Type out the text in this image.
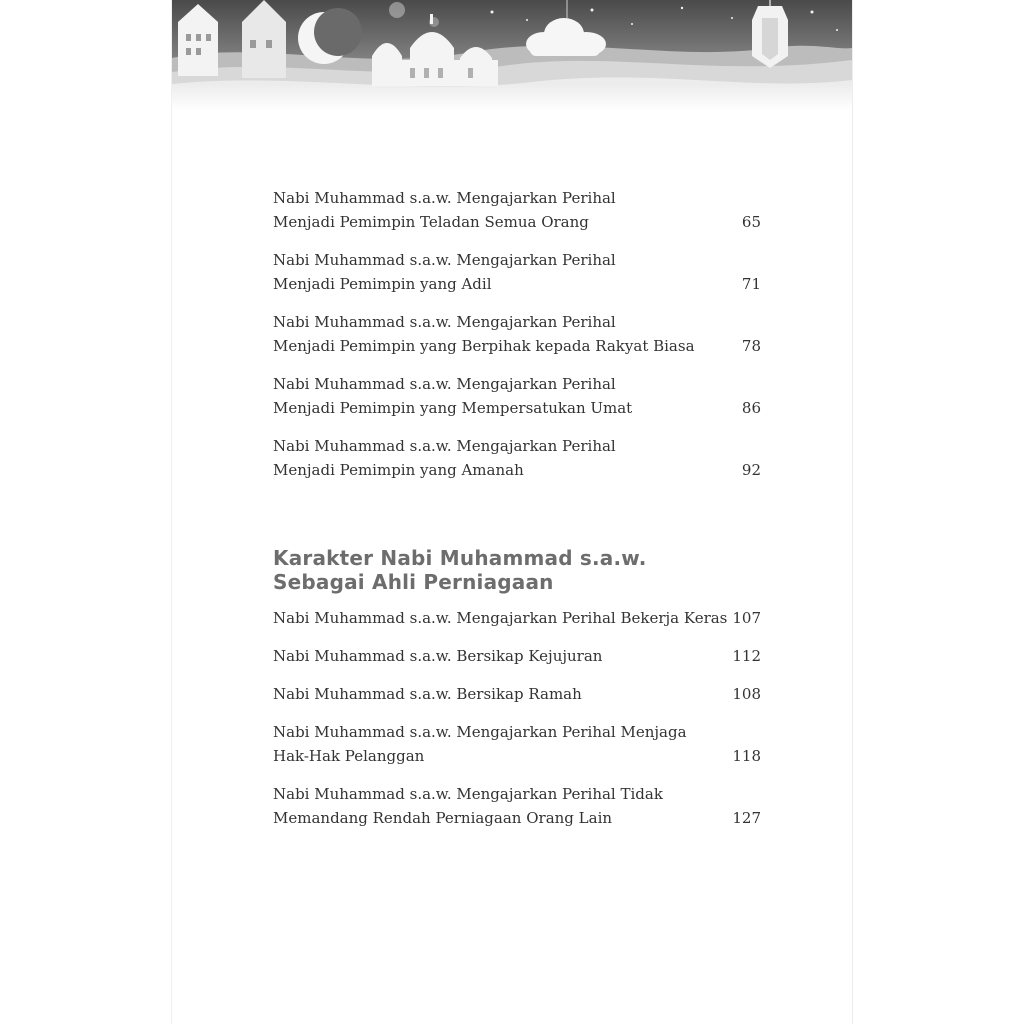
Nabi Muhammad s.a.w. Mengajarkan Perihal
Menjadi Pemimpin Teladan Semua Orang	65
Nabi Muhammad s.a.w. Mengajarkan Perihal
Menjadi Pemimpin yang Adil	71
Nabi Muhammad s.a.w. Mengajarkan Perihal
Menjadi Pemimpin yang Berpihak kepada Rakyat Biasa	78
Nabi Muhammad s.a.w. Mengajarkan Perihal
Menjadi Pemimpin yang Mempersatukan Umat	86
Nabi Muhammad s.a.w. Mengajarkan Perihal
Menjadi Pemimpin yang Amanah	92
Karakter Nabi Muhammad s.a.w.
Sebagai Ahli Perniagaan
Nabi Muhammad s.a.w. Mengajarkan Perihal Bekerja Keras 107
Nabi Muhammad s.a.w. Bersikap Kejujuran	112
Nabi Muhammad s.a.w. Bersikap Ramah	108
Nabi Muhammad s.a.w. Mengajarkan Perihal Menjaga
Hak-Hak Pelanggan	118
Nabi Muhammad s.a.w. Mengajarkan Perihal Tidak
Memandang Rendah Perniagaan Orang Lain	127
